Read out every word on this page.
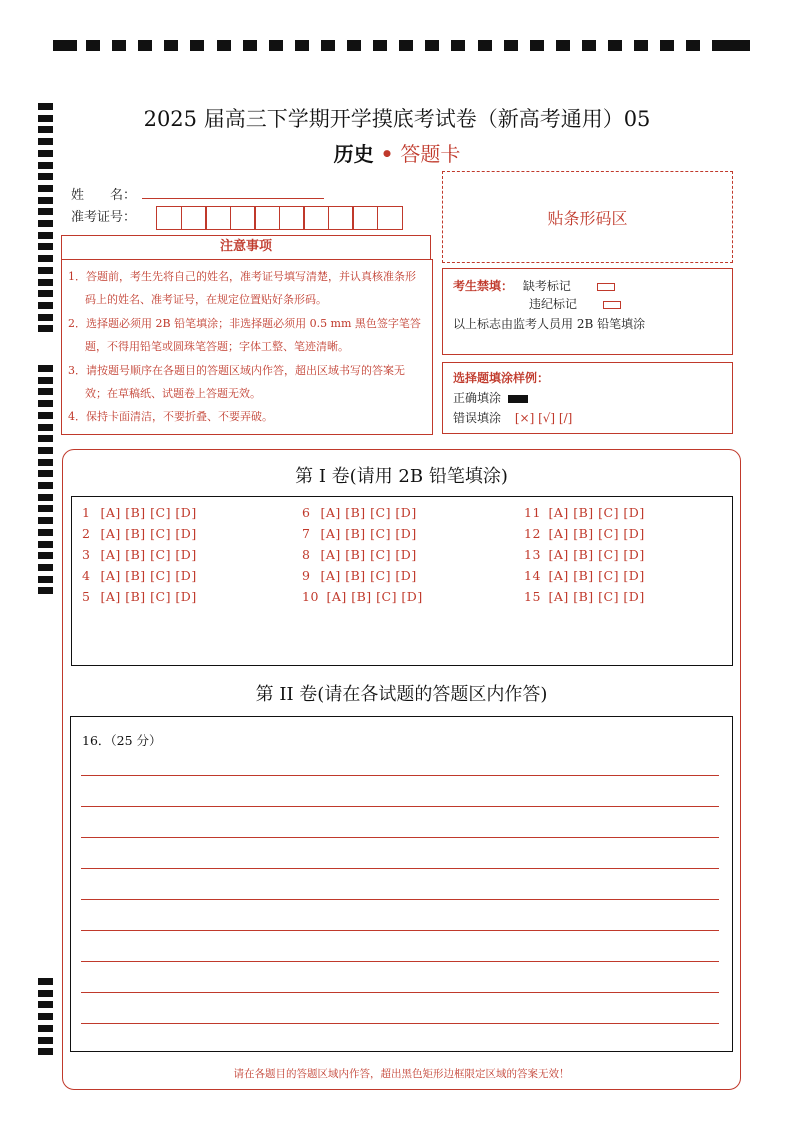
2025 届高三下学期开学摸底考试卷（新高考通用）05
历史 • 答题卡
姓　　名：
准考证号：	贴条形码区
注意事项
1．答题前，考生先将自己的姓名，准考证号填写清楚，并认真核准条形码上的姓名、准考证号，在规定位置贴好条形码。
2．选择题必须用 2B 铅笔填涂；非选择题必须用 0.5 mm 黑色签字笔答题，不得用铅笔或圆珠笔答题；字体工整、笔迹清晰。
3．请按题号顺序在各题目的答题区域内作答，超出区域书写的答案无效；在草稿纸、试题卷上答题无效。
4．保持卡面清洁，不要折叠、不要弄破。
考生禁填： 缺考标记
违纪标记
以上标志由监考人员用 2B 铅笔填涂
选择题填涂样例：
正确填涂
错误填涂 [×] [√] [/]
第 I 卷(请用 2B 铅笔填涂)
1 [A] [B] [C] [D]
2 [A] [B] [C] [D]
3 [A] [B] [C] [D]
4 [A] [B] [C] [D]
5 [A] [B] [C] [D]
6 [A] [B] [C] [D]
7 [A] [B] [C] [D]
8 [A] [B] [C] [D]
9 [A] [B] [C] [D]
10 [A] [B] [C] [D]
11 [A] [B] [C] [D]
12 [A] [B] [C] [D]
13 [A] [B] [C] [D]
14 [A] [B] [C] [D]
15 [A] [B] [C] [D]
第 II 卷(请在各试题的答题区内作答)
16．（25 分）
请在各题目的答题区域内作答，超出黑色矩形边框限定区域的答案无效！
